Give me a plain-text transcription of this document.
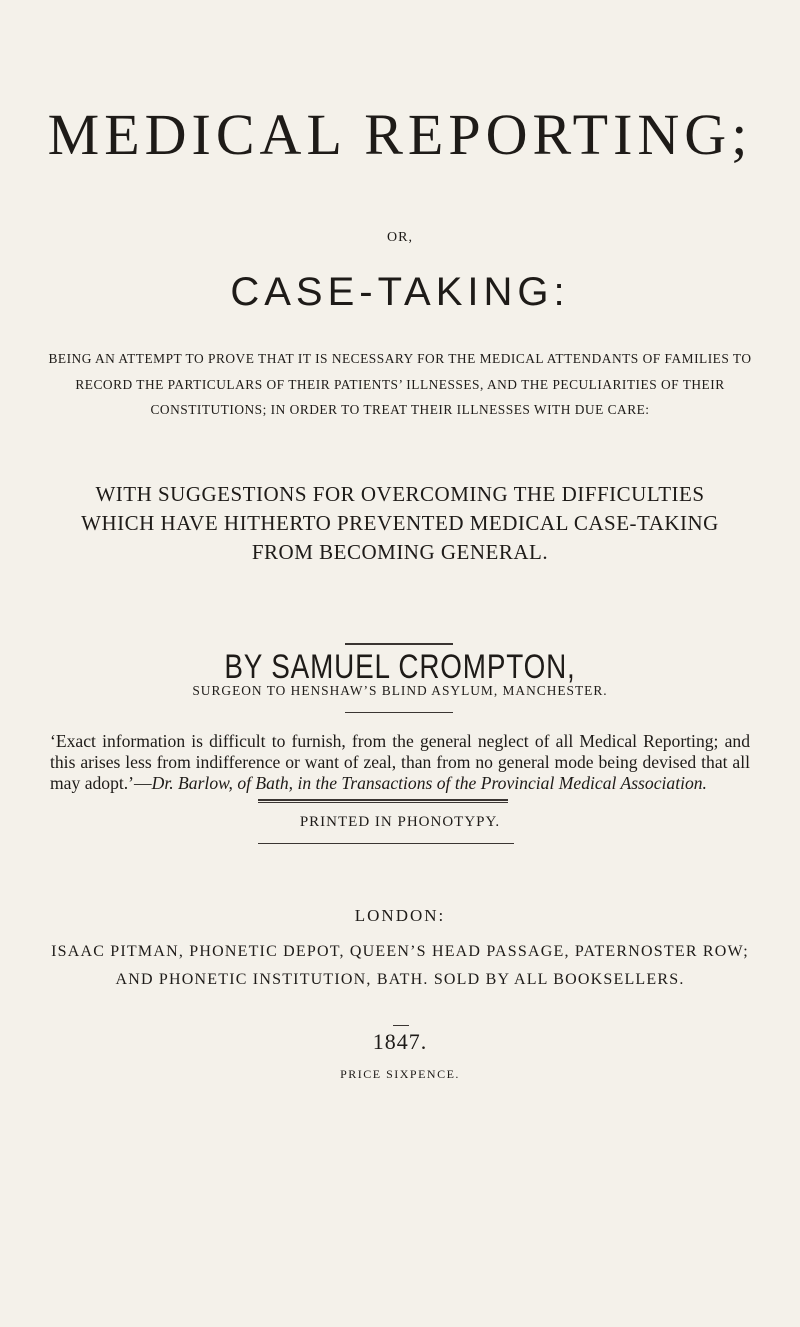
MEDICAL REPORTING;
OR,
CASE-TAKING:

BEING AN ATTEMPT TO PROVE THAT IT IS NECESSARY FOR THE MEDICAL ATTENDANTS OF FAMILIES TO RECORD THE PARTICULARS OF THEIR PATIENTS’ ILLNESSES, AND THE PECULIARITIES OF THEIR CONSTITUTIONS; IN ORDER TO TREAT THEIR ILLNESSES WITH DUE CARE:

WITH SUGGESTIONS FOR OVERCOMING THE DIFFICULTIES WHICH HAVE HITHERTO PREVENTED MEDICAL CASE-TAKING FROM BECOMING GENERAL.

BY SAMUEL CROMPTON,
SURGEON TO HENSHAW’S BLIND ASYLUM, MANCHESTER.

‘Exact information is difficult to furnish, from the general neglect of all Medical Reporting; and this arises less from indifference or want of zeal, than from no general mode being devised that all may adopt.’—Dr. Barlow, of Bath, in the Transactions of the Provincial Medical Association.

PRINTED IN PHONOTYPY.
LONDON:

ISAAC PITMAN, PHONETIC DEPOT, QUEEN’S HEAD PASSAGE, PATERNOSTER ROW; AND PHONETIC INSTITUTION, BATH. SOLD BY ALL BOOKSELLERS.

1847.
PRICE SIXPENCE.
